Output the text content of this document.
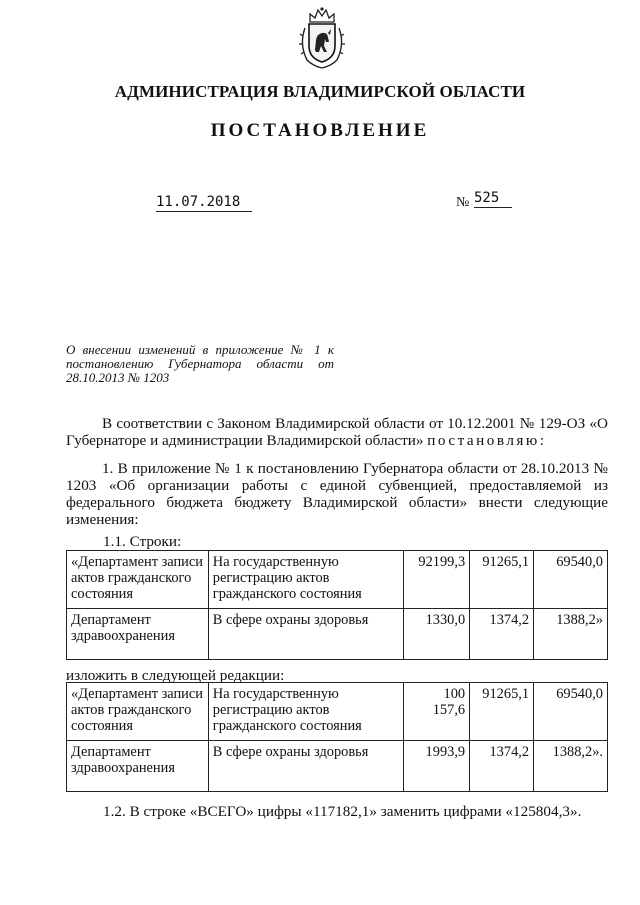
АДМИНИСТРАЦИЯ ВЛАДИМИРСКОЙ ОБЛАСТИ
ПОСТАНОВЛЕНИЕ
11.07.2018	№ 525
О внесении изменений в приложение № 1 к постановлению Губернатора области от 28.10.2013 № 1203
В соответствии с Законом Владимирской области от 10.12.2001 № 129-ОЗ «О Губернаторе и администрации Владимирской области» постановляю:
1. В приложение № 1 к постановлению Губернатора области от 28.10.2013 № 1203 «Об организации работы с единой субвенцией, предоставляемой из федерального бюджета бюджету Владимирской области» внести следующие изменения:
1.1. Строки:
«Департамент записи актов гражданского состояния	На государственную регистрацию актов гражданского состояния	92199,3	91265,1	69540,0
Департамент здравоохранения	В сфере охраны здоровья	1330,0	1374,2	1388,2»
изложить в следующей редакции:
«Департамент записи актов гражданского состояния	На государственную регистрацию актов гражданского состояния	100 157,6	91265,1	69540,0
Департамент здравоохранения	В сфере охраны здоровья	1993,9	1374,2	1388,2».
1.2. В строке «ВСЕГО» цифры «117182,1» заменить цифрами «125804,3».
